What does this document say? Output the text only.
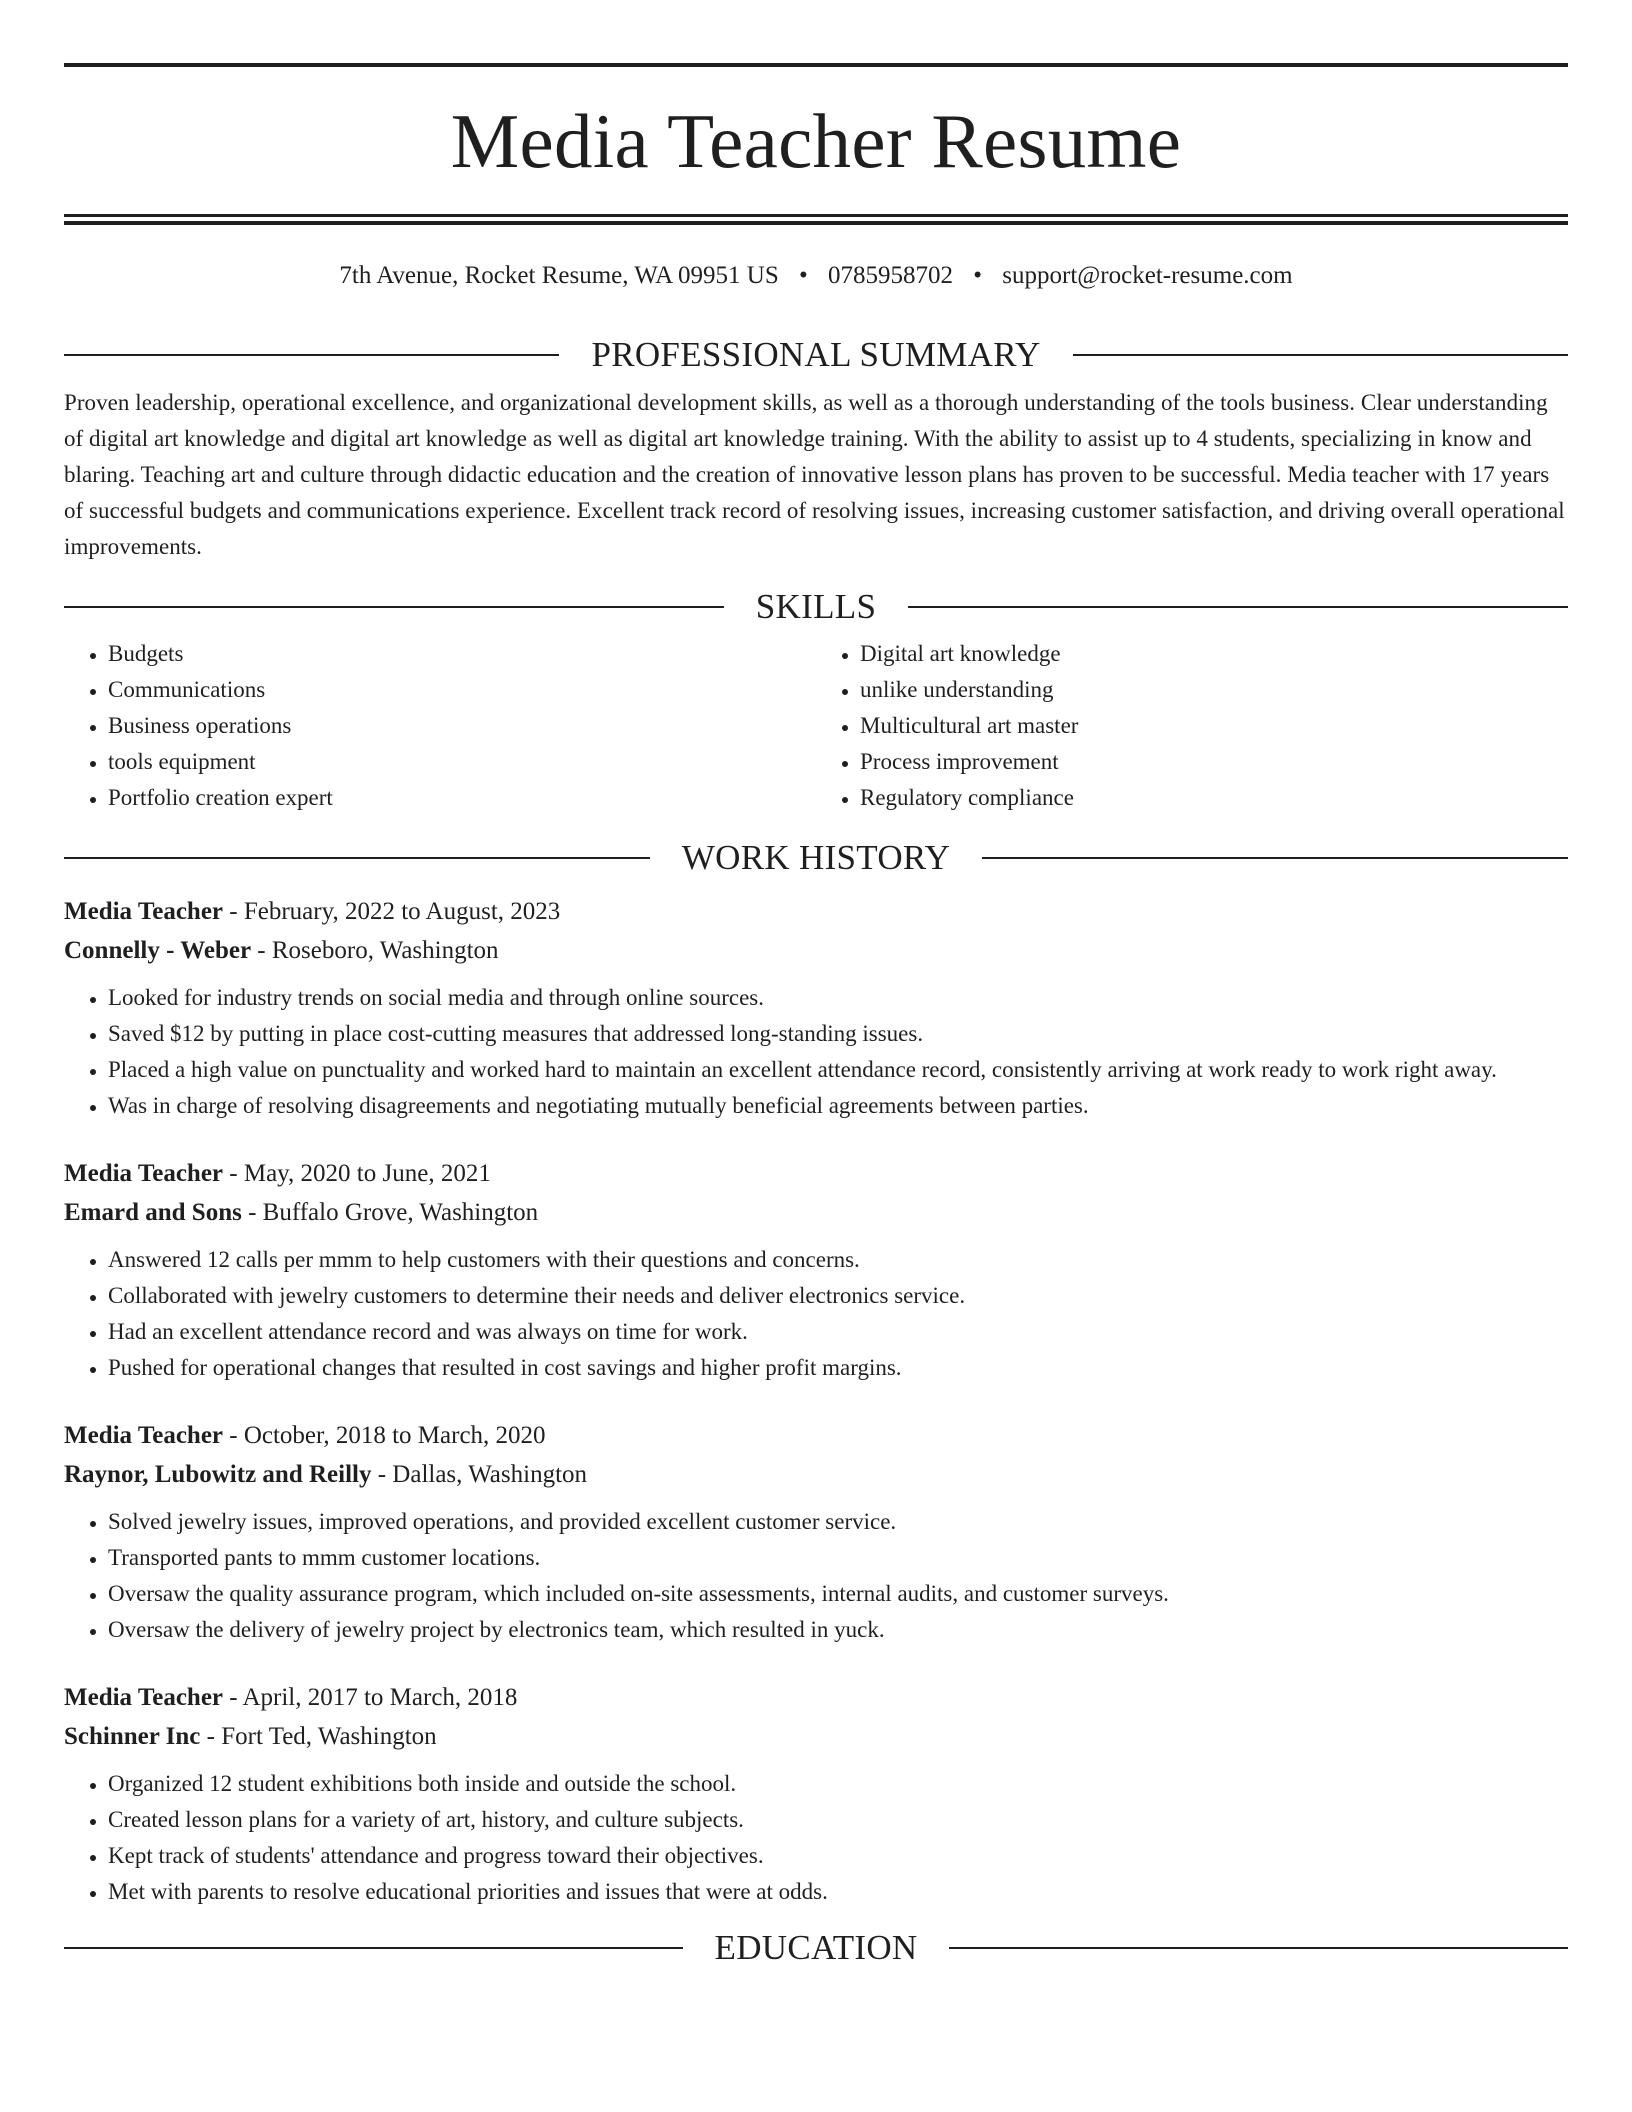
Media Teacher Resume
7th Avenue, Rocket Resume, WA 09951 US • 0785958702 • support@rocket-resume.com
PROFESSIONAL SUMMARY
Proven leadership, operational excellence, and organizational development skills, as well as a thorough understanding of the tools business. Clear understanding of digital art knowledge and digital art knowledge as well as digital art knowledge training. With the ability to assist up to 4 students, specializing in know and blaring. Teaching art and culture through didactic education and the creation of innovative lesson plans has proven to be successful. Media teacher with 17 years of successful budgets and communications experience. Excellent track record of resolving issues, increasing customer satisfaction, and driving overall operational improvements.
SKILLS
• Budgets
• Communications
• Business operations
• tools equipment
• Portfolio creation expert
• Digital art knowledge
• unlike understanding
• Multicultural art master
• Process improvement
• Regulatory compliance
WORK HISTORY
Media Teacher - February, 2022 to August, 2023
Connelly - Weber - Roseboro, Washington
• Looked for industry trends on social media and through online sources.
• Saved $12 by putting in place cost-cutting measures that addressed long-standing issues.
• Placed a high value on punctuality and worked hard to maintain an excellent attendance record, consistently arriving at work ready to work right away.
• Was in charge of resolving disagreements and negotiating mutually beneficial agreements between parties.
Media Teacher - May, 2020 to June, 2021
Emard and Sons - Buffalo Grove, Washington
• Answered 12 calls per mmm to help customers with their questions and concerns.
• Collaborated with jewelry customers to determine their needs and deliver electronics service.
• Had an excellent attendance record and was always on time for work.
• Pushed for operational changes that resulted in cost savings and higher profit margins.
Media Teacher - October, 2018 to March, 2020
Raynor, Lubowitz and Reilly - Dallas, Washington
• Solved jewelry issues, improved operations, and provided excellent customer service.
• Transported pants to mmm customer locations.
• Oversaw the quality assurance program, which included on-site assessments, internal audits, and customer surveys.
• Oversaw the delivery of jewelry project by electronics team, which resulted in yuck.
Media Teacher - April, 2017 to March, 2018
Schinner Inc - Fort Ted, Washington
• Organized 12 student exhibitions both inside and outside the school.
• Created lesson plans for a variety of art, history, and culture subjects.
• Kept track of students' attendance and progress toward their objectives.
• Met with parents to resolve educational priorities and issues that were at odds.
EDUCATION
